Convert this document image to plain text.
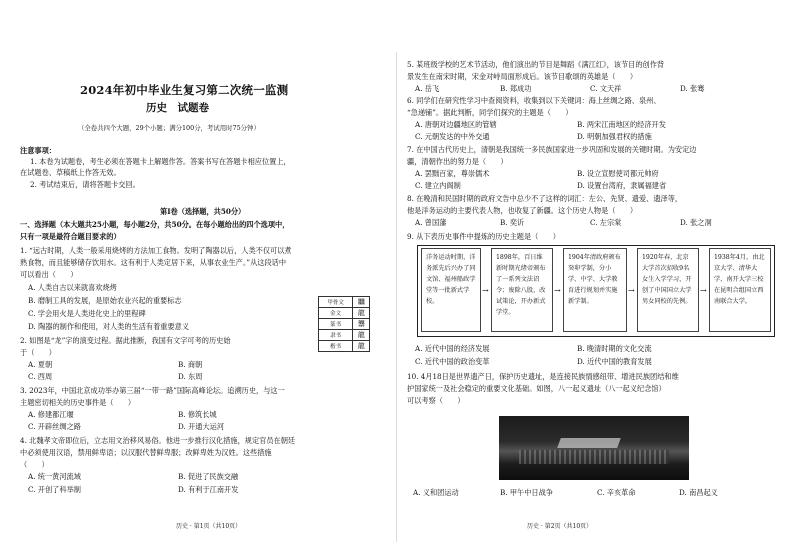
2024年初中毕业生复习第二次统一监测
历史　试题卷
（全卷共四个大题，29个小题；满分100分，考试用时75分钟）
注意事项：
1. 本卷为试题卷，考生必须在答题卡上解题作答。答案书写在答题卡相应位置上，
在试题卷、草稿纸上作答无效。
2. 考试结束后，请将答题卡交回。
第Ⅰ卷（选择题，共50分）
一、选择题（本大题共25小题，每小题2分，共50分。在每小题给出的四个选项中，
只有一项是最符合题目要求的）
1. “远古时期，人类一般采用烧烤的方法加工食物。发明了陶器以后，人类不仅可以煮
熟食物，而且能够储存饮用水。这有利于人类定居下来，从事农业生产。”从这段话中
可以看出（　　）
A. 人类自古以来就喜欢烧烤
B. 磨制工具的发展，是原始农业兴起的重要标志
C. 学会用火是人类进化史上的里程碑
D. 陶器的制作和使用，对人类的生活有着重要意义
2. 如图是“龙”字的演变过程。据此推断，我国有文字可考的历史始
于（　　）
A. 夏朝	B. 商朝
C. 西周	D. 东周
甲骨文	𪚥
金文	龍
篆书	龒
隶书	龍
楷书	龍
3. 2023年，中国北京成功举办第三届“一带一路”国际高峰论坛。追溯历史，与这一
主题密切相关的历史事件是（　　）
A. 修建都江堰	B. 修筑长城
C. 开辟丝绸之路	D. 开通大运河
4. 北魏孝文帝即位后，立志用文治移风易俗。他进一步推行汉化措施，规定官员在朝廷
中必须使用汉语，禁用鲜卑语；以汉服代替鲜卑服；改鲜卑姓为汉姓。这些措施
（　　）
A. 统一黄河流域	B. 促进了民族交融
C. 开创了科举制	D. 有利于江南开发
历史 · 第1页（共10页）
5. 某班级学校的艺术节活动，他们演出的节目是舞蹈《满江红》，该节目的创作背
景发生在南宋时期，宋金对峙局面形成后。该节目歌颂的英雄是（　　）
A. 岳飞	B. 郑成功	C. 文天祥	D. 张骞
6. 同学们在研究性学习中查阅资料，收集到以下关键词：海上丝绸之路、泉州、
“急递铺”。据此判断，同学们探究的主题是（　　）
A. 唐朝对边疆地区的管辖	B. 两宋江南地区的经济开发
C. 元朝发达的中外交通	D. 明朝加强君权的措施
7. 在中国古代历史上，清朝是我国统一多民族国家进一步巩固和发展的关键时期。为安定边
疆，清朝作出的努力是（　　）
A. 罢黜百家，尊崇儒术	B. 设立宣慰使司都元帅府
C. 建立内阁制	D. 设置台湾府，隶属福建省
8. 在晚清和民国时期的政府文告中总少不了这样的词汇：左公、先贤、遗爱、遗泽等，
他是洋务运动的主要代表人物，也收复了新疆。这个历史人物是（　　）
A. 曾国藩	B. 奕䜣	C. 左宗棠	D. 张之洞
9. 从下表历史事件中提炼的历史主题是（　　）
洋务运动时期，洋务派先后兴办了同文馆、福州船政学堂等一批新式学校。
→
1898年，百日维新时期光绪帝颁布了一系列文法诏令；废除八股，改试策论，开办新式学堂。
→
1904年清政府颁布癸卯学制，分小学、中学、大学教育进行规划并实施新学制。
→
1920年春，北京大学首次招收9名女生入学学习，开创了中国国立大学男女同校的先例。
→
1938年4月，由北京大学、清华大学、南开大学三校在昆明合组国立西南联合大学。
A. 近代中国的经济发展	B. 晚清时期的文化交流
C. 近代中国的政治变革	D. 近代中国的教育发展
10. 4月18日是世界遗产日，保护历史遗址，是连接民族情感纽带、增进民族团结和维
护国家统一及社会稳定的重要文化基础。如图，八一起义遗址（八一起义纪念馆）
可以考察（　　）
A. 义和团运动	B. 甲午中日战争	C. 辛亥革命	D. 南昌起义
历史 · 第2页（共10页）
